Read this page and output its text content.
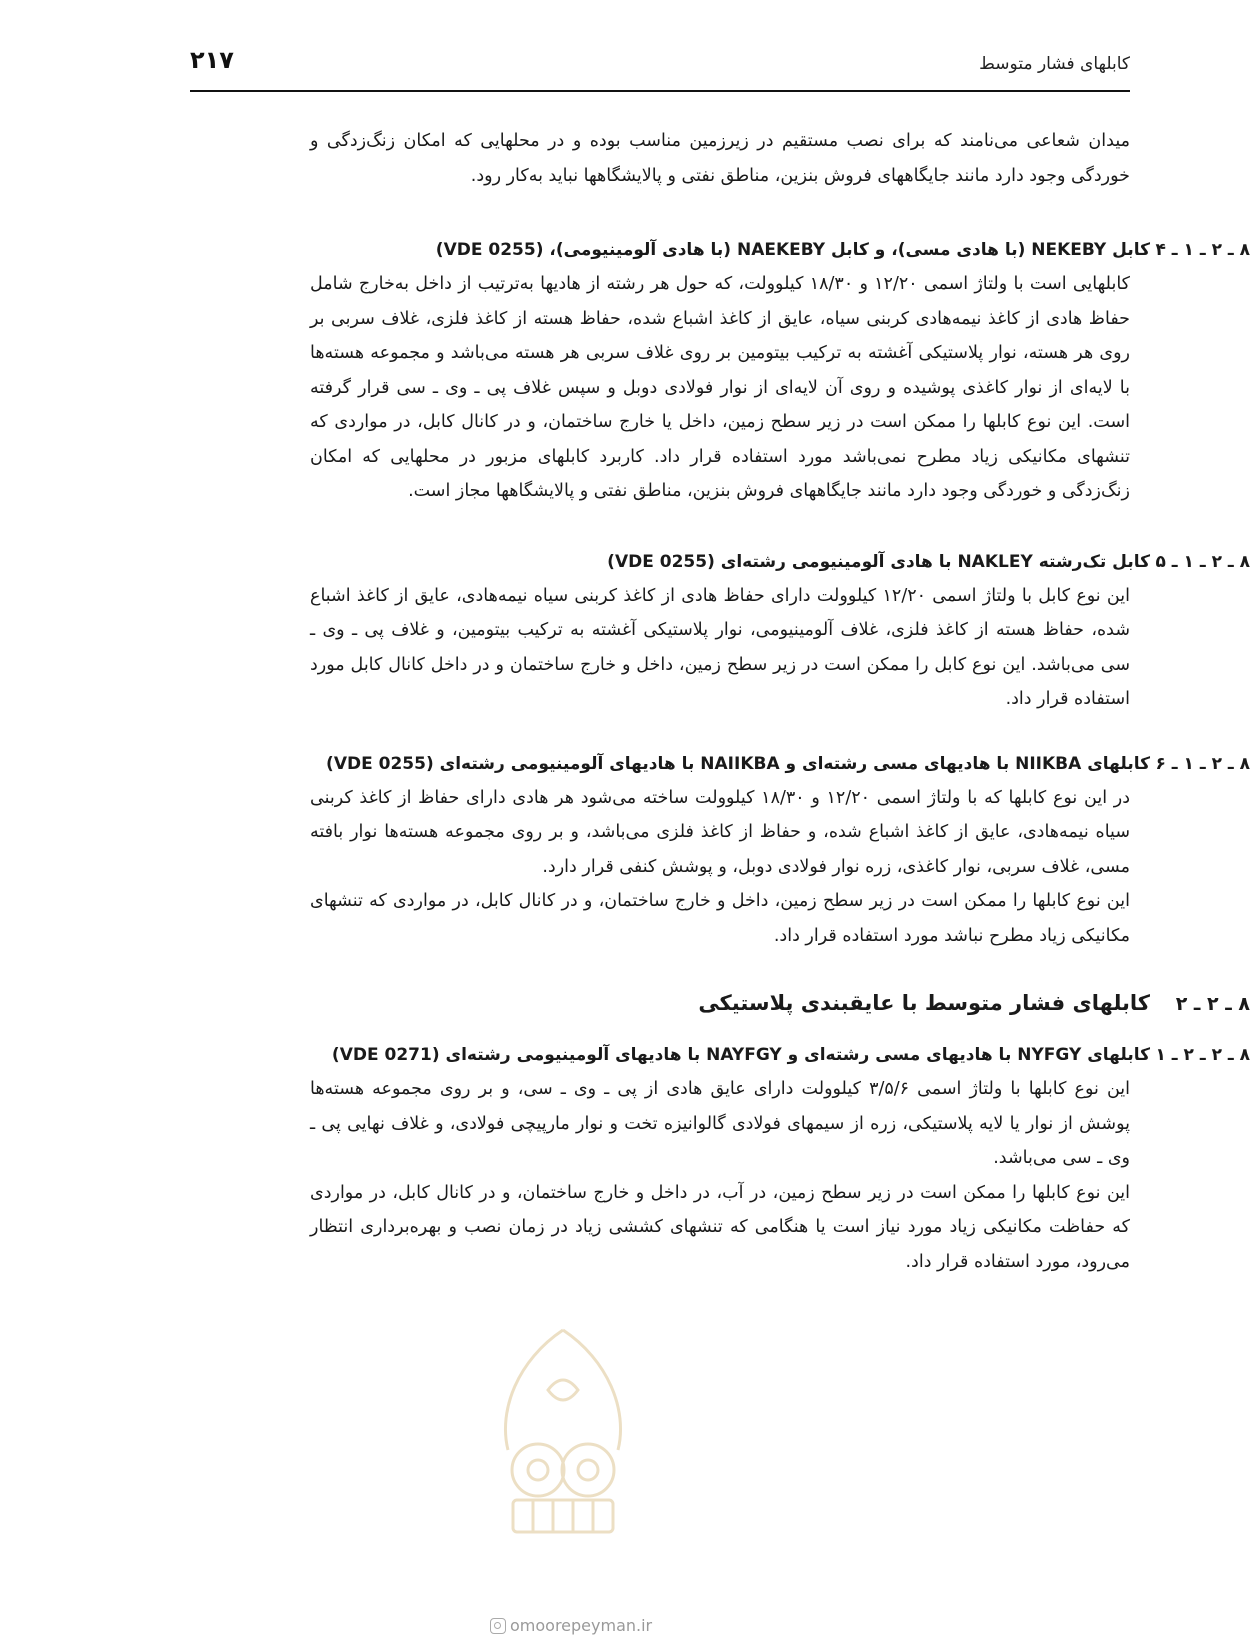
کابلهای فشار متوسط
۲۱۷

میدان شعاعی می‌نامند که برای نصب مستقیم در زیرزمین مناسب بوده و در محلهایی که امکان زنگ‌زدگی و خوردگی وجود دارد مانند جایگاههای فروش بنزین، مناطق نفتی و پالایشگاهها نباید به‌کار رود.

۸ ـ ۲ ـ ۱ ـ ۴
کابل NEKEBY (با هادی مسی)، و کابل NAEKEBY (با هادی آلومینیومی)، (VDE 0255)

کابلهایی است با ولتاژ اسمی ۱۲/۲۰ و ۱۸/۳۰ کیلوولت، که حول هر رشته از هادیها به‌ترتیب از داخل به‌خارج شامل حفاظ هادی از کاغذ نیمه‌هادی کربنی سیاه، عایق از کاغذ اشباع شده، حفاظ هسته از کاغذ فلزی، غلاف سربی بر روی هر هسته، نوار پلاستیکی آغشته به ترکیب بیتومین بر روی غلاف سربی هر هسته می‌باشد و مجموعه هسته‌ها با لایه‌ای از نوار کاغذی پوشیده و روی آن لایه‌ای از نوار فولادی دوبل و سپس غلاف پی ـ وی ـ سی قرار گرفته است. این نوع کابلها را ممکن است در زیر سطح زمین، داخل یا خارج ساختمان، و در کانال کابل، در مواردی که تنشهای مکانیکی زیاد مطرح نمی‌باشد مورد استفاده قرار داد. کاربرد کابلهای مزبور در محلهایی که امکان زنگ‌زدگی و خوردگی وجود دارد مانند جایگاههای فروش بنزین، مناطق نفتی و پالایشگاهها مجاز است.

۸ ـ ۲ ـ ۱ ـ ۵
کابل تک‌رشته NAKLEY با هادی آلومینیومی رشته‌ای (VDE 0255)

این نوع کابل با ولتاژ اسمی ۱۲/۲۰ کیلوولت دارای حفاظ هادی از کاغذ کربنی سیاه نیمه‌هادی، عایق از کاغذ اشباع شده، حفاظ هسته از کاغذ فلزی، غلاف آلومینیومی، نوار پلاستیکی آغشته به ترکیب بیتومین، و غلاف پی ـ وی ـ سی می‌باشد. این نوع کابل را ممکن است در زیر سطح زمین، داخل و خارج ساختمان و در داخل کانال کابل مورد استفاده قرار داد.

۸ ـ ۲ ـ ۱ ـ ۶
کابلهای NIIKBA با هادیهای مسی رشته‌ای و NAIIKBA با هادیهای آلومینیومی رشته‌ای (VDE 0255)

در این نوع کابلها که با ولتاژ اسمی ۱۲/۲۰ و ۱۸/۳۰ کیلوولت ساخته می‌شود هر هادی دارای حفاظ از کاغذ کربنی سیاه نیمه‌هادی، عایق از کاغذ اشباع شده، و حفاظ از کاغذ فلزی می‌باشد، و بر روی مجموعه هسته‌ها نوار بافته مسی، غلاف سربی، نوار کاغذی، زره نوار فولادی دوبل، و پوشش کنفی قرار دارد.

این نوع کابلها را ممکن است در زیر سطح زمین، داخل و خارج ساختمان، و در کانال کابل، در مواردی که تنشهای مکانیکی زیاد مطرح نباشد مورد استفاده قرار داد.

۸ ـ ۲ ـ ۲
کابلهای فشار متوسط با عایقبندی پلاستیکی
۸ ـ ۲ ـ ۲ ـ ۱
کابلهای NYFGY با هادیهای مسی رشته‌ای و NAYFGY با هادیهای آلومینیومی رشته‌ای (VDE 0271)

این نوع کابلها با ولتاژ اسمی ۳/۵/۶ کیلوولت دارای عایق هادی از پی ـ وی ـ سی، و بر روی مجموعه هسته‌ها پوشش از نوار یا لایه پلاستیکی، زره از سیمهای فولادی گالوانیزه تخت و نوار مارپیچی فولادی، و غلاف نهایی پی ـ وی ـ سی می‌باشد.

این نوع کابلها را ممکن است در زیر سطح زمین، در آب، در داخل و خارج ساختمان، و در کانال کابل، در مواردی که حفاظت مکانیکی زیاد مورد نیاز است یا هنگامی که تنشهای کششی زیاد در زمان نصب و بهره‌برداری انتظار می‌رود، مورد استفاده قرار داد.

omoorepeyman.ir
